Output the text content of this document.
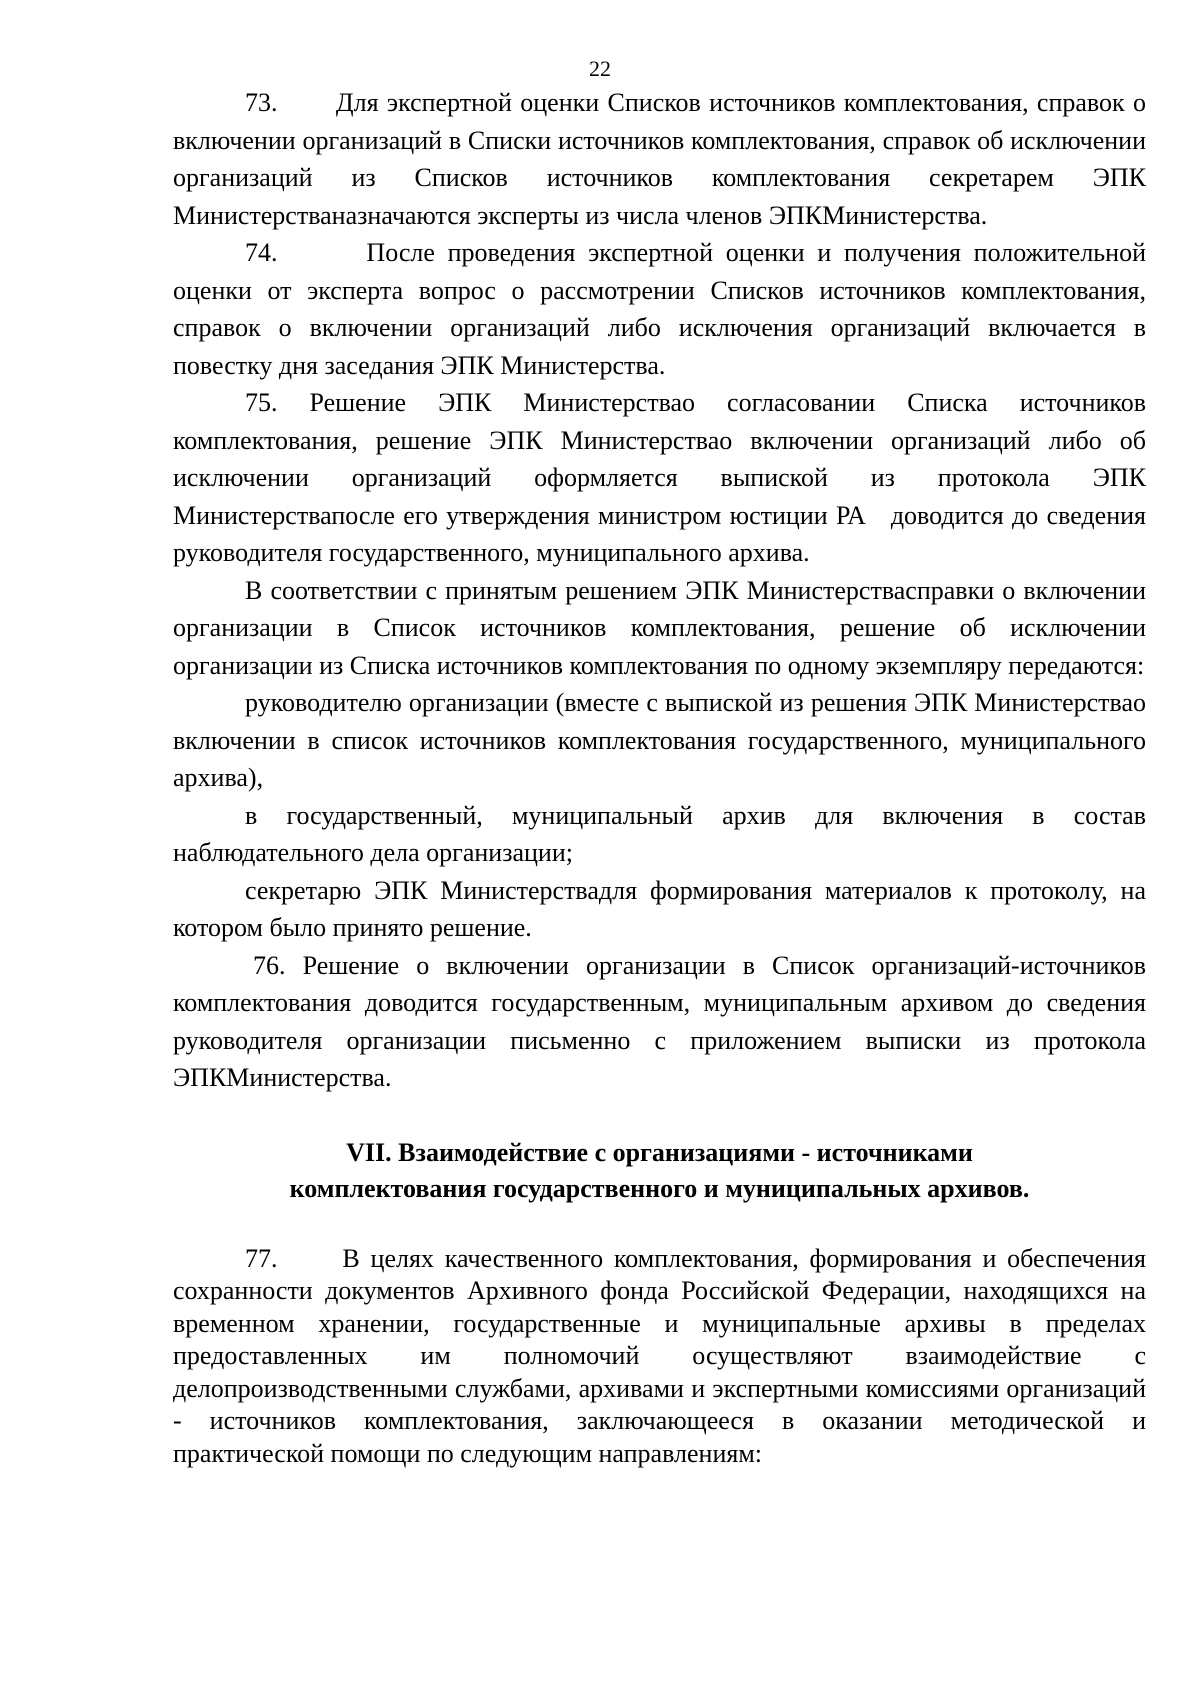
22

73.       Для экспертной оценки Списков источников комплектования, справок о включении организаций в Списки источников комплектования, справок об исключении организаций из Списков источников комплектования секретарем ЭПК Министерстваназначаются эксперты из числа членов ЭПКМинистерства.

74.       После проведения экспертной оценки и получения положительной оценки от эксперта вопрос о рассмотрении Списков источников комплектования, справок о включении организаций либо исключения организаций включается в повестку дня заседания ЭПК Министерства.

75. Решение ЭПК Министерствао согласовании Списка источников комплектования, решение ЭПК Министерствао включении организаций либо об исключении организаций оформляется выпиской из протокола ЭПК Министерствапосле его утверждения министром юстиции РА   доводится до сведения руководителя государственного, муниципального архива.

В соответствии с принятым решением ЭПК Министерствасправки о включении организации в Список источников комплектования, решение об исключении организации из Списка источников комплектования по одному экземпляру передаются:

руководителю организации (вместе с выпиской из решения ЭПК Министерствао включении в список источников комплектования государственного, муниципального архива),

в государственный, муниципальный архив для включения в состав наблюдательного дела организации;

секретарю ЭПК Министерствадля формирования материалов к протоколу, на котором было принято решение.

76. Решение о включении организации в Список организаций-источников комплектования доводится государственным, муниципальным архивом до сведения руководителя организации письменно с приложением выписки из протокола ЭПКМинистерства.

VII. Взаимодействие с организациями - источниками
комплектования государственного и муниципальных архивов.

77.      В целях качественного комплектования, формирования и обеспечения сохранности документов Архивного фонда Российской Федерации, находящихся на временном хранении, государственные и муниципальные архивы в пределах предоставленных им полномочий осуществляют взаимодействие с делопроизводственными службами, архивами и экспертными комиссиями организаций - источников комплектования, заключающееся в оказании методической и практической помощи по следующим направлениям:
